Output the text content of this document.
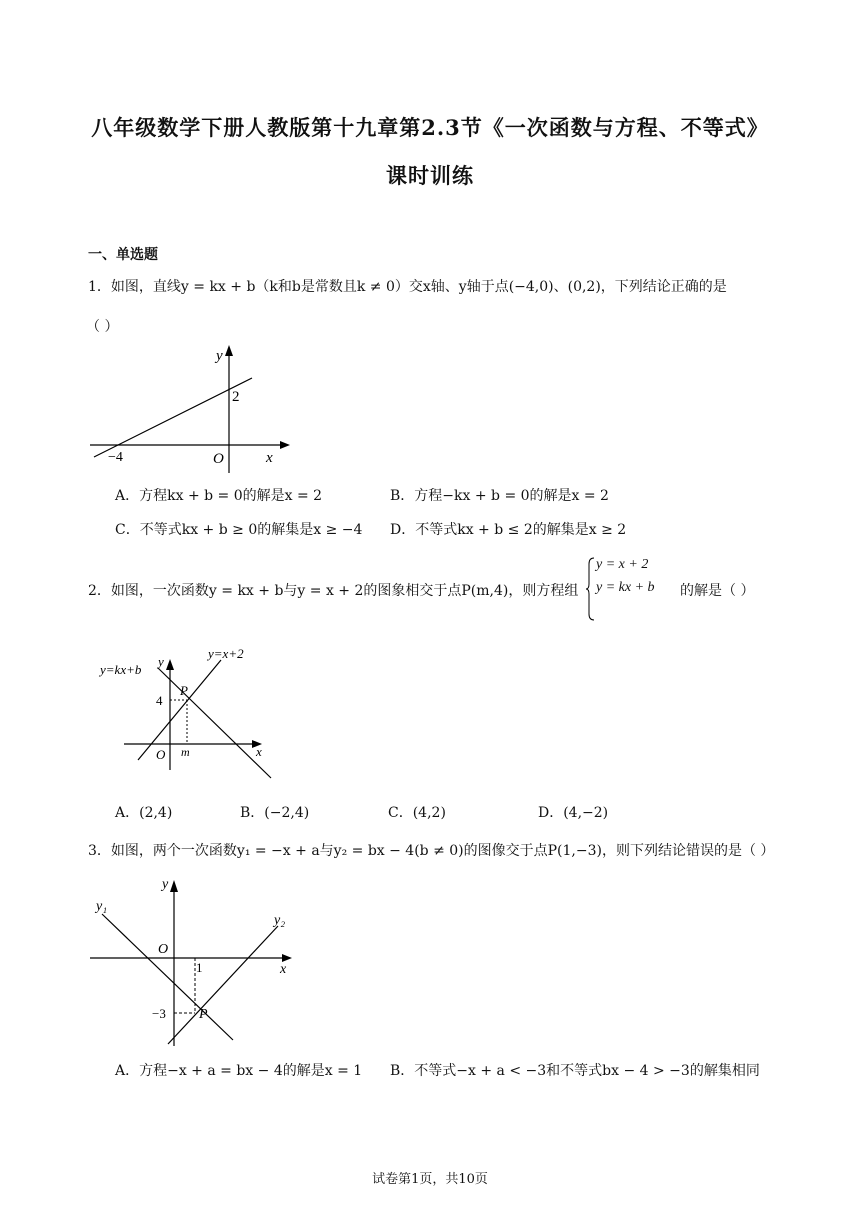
八年级数学下册人教版第十九章第2.3节《一次函数与方程、不等式》
课时训练
一、单选题
1．如图，直线y = kx + b（k和b是常数且k ≠ 0）交x轴、y轴于点(−4,0)、(0,2)，下列结论正确的是
（ ）
y
x
O
−4
2
A．方程kx + b = 0的解是x = 2	B．方程−kx + b = 0的解是x = 2
C．不等式kx + b ≥ 0的解集是x ≥ −4 D．不等式kx + b ≤ 2的解集是x ≥ 2
2．如图，一次函数y = kx + b与y = x + 2的图象相交于点P(m,4)，则方程组
y = x + 2
y = kx + b 的解是（ ）
y=kx+b
y=x+2
y
x
O
P
4
m
A．(2,4)	B．(−2,4)	C．(4,2)	D．(4,−2)
3．如图，两个一次函数y₁ = −x + a与y₂ = bx − 4(b ≠ 0)的图像交于点P(1,−3)，则下列结论错误的是（ ）
y₁
y₂
y
x
O
1
−3 P
A．方程−x + a = bx − 4的解是x = 1 B．不等式−x + a < −3和不等式bx − 4 > −3的解集相同
试卷第1页，共10页
